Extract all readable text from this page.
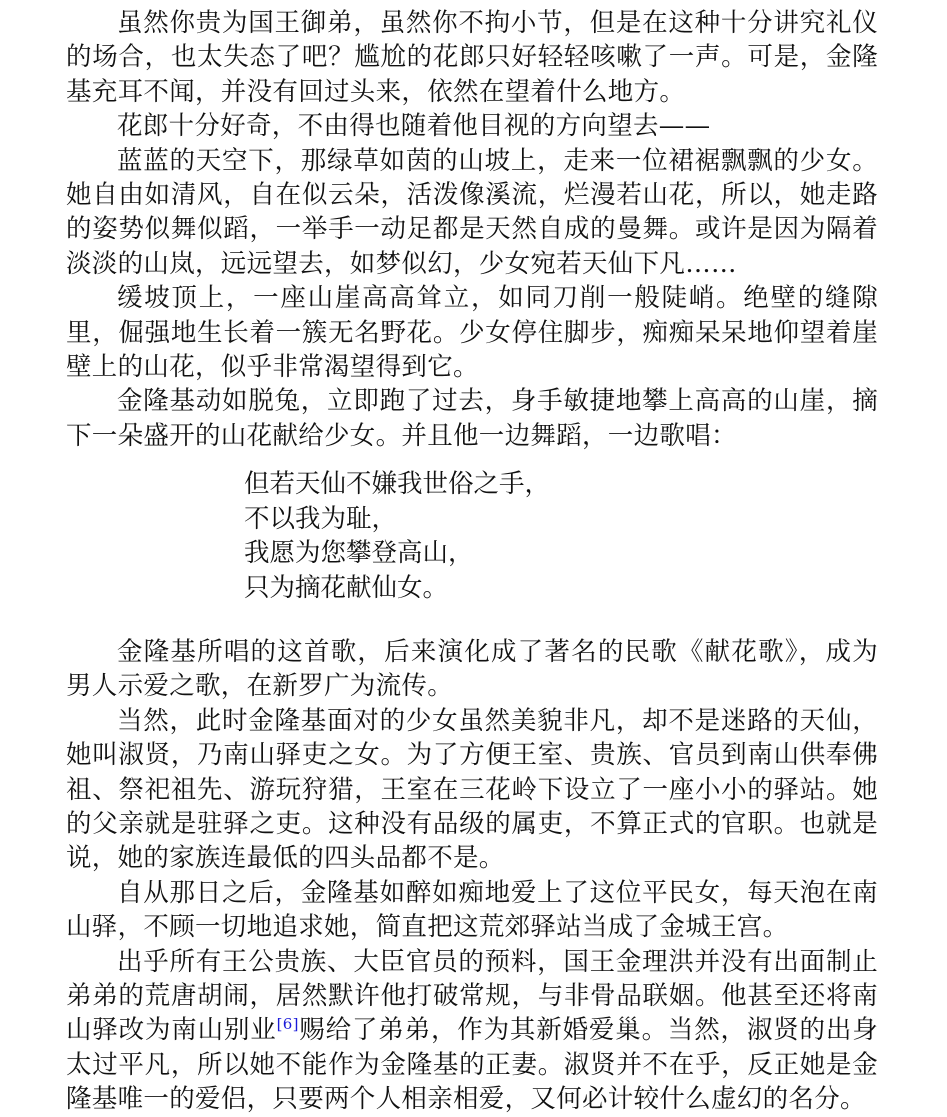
虽然你贵为国王御弟，虽然你不拘小节，但是在这种十分讲究礼仪的场合，也太失态了吧？尴尬的花郎只好轻轻咳嗽了一声。可是，金隆基充耳不闻，并没有回过头来，依然在望着什么地方。

花郎十分好奇，不由得也随着他目视的方向望去——

蓝蓝的天空下，那绿草如茵的山坡上，走来一位裙裾飘飘的少女。她自由如清风，自在似云朵，活泼像溪流，烂漫若山花，所以，她走路的姿势似舞似蹈，一举手一动足都是天然自成的曼舞。或许是因为隔着淡淡的山岚，远远望去，如梦似幻，少女宛若天仙下凡……

缓坡顶上，一座山崖高高耸立，如同刀削一般陡峭。绝壁的缝隙里，倔强地生长着一簇无名野花。少女停住脚步，痴痴呆呆地仰望着崖壁上的山花，似乎非常渴望得到它。

金隆基动如脱兔，立即跑了过去，身手敏捷地攀上高高的山崖，摘下一朵盛开的山花献给少女。并且他一边舞蹈，一边歌唱：

但若天仙不嫌我世俗之手，
不以我为耻，
我愿为您攀登高山，
只为摘花献仙女。

金隆基所唱的这首歌，后来演化成了著名的民歌《献花歌》，成为男人示爱之歌，在新罗广为流传。

当然，此时金隆基面对的少女虽然美貌非凡，却不是迷路的天仙，她叫淑贤，乃南山驿吏之女。为了方便王室、贵族、官员到南山供奉佛祖、祭祀祖先、游玩狩猎，王室在三花岭下设立了一座小小的驿站。她的父亲就是驻驿之吏。这种没有品级的属吏，不算正式的官职。也就是说，她的家族连最低的四头品都不是。

自从那日之后，金隆基如醉如痴地爱上了这位平民女，每天泡在南山驿，不顾一切地追求她，简直把这荒郊驿站当成了金城王宫。

出乎所有王公贵族、大臣官员的预料，国王金理洪并没有出面制止弟弟的荒唐胡闹，居然默许他打破常规，与非骨品联姻。他甚至还将南山驿改为南山别业[6]赐给了弟弟，作为其新婚爱巢。当然，淑贤的出身太过平凡，所以她不能作为金隆基的正妻。淑贤并不在乎，反正她是金隆基唯一的爱侣，只要两个人相亲相爱，又何必计较什么虚幻的名分。
